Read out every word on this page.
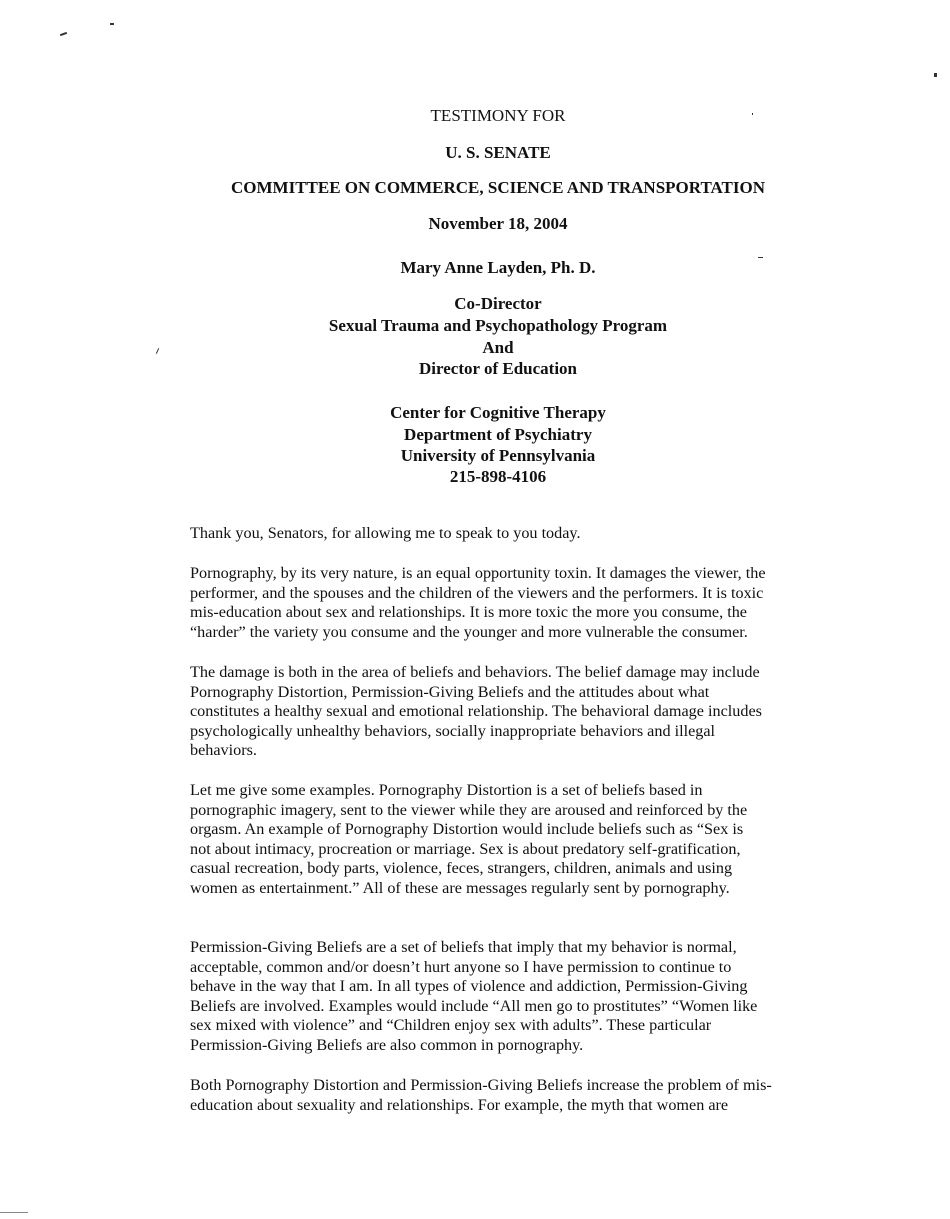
TESTIMONY FOR
U. S. SENATE
COMMITTEE ON COMMERCE, SCIENCE AND TRANSPORTATION
November 18, 2004
Mary Anne Layden, Ph. D.
Co-Director
Sexual Trauma and Psychopathology Program
And
Director of Education
Center for Cognitive Therapy
Department of Psychiatry
University of Pennsylvania
215-898-4106
Thank you, Senators, for allowing me to speak to you today.
Pornography, by its very nature, is an equal opportunity toxin. It damages the viewer, the
performer, and the spouses and the children of the viewers and the performers. It is toxic
mis-education about sex and relationships. It is more toxic the more you consume, the
“harder” the variety you consume and the younger and more vulnerable the consumer.
The damage is both in the area of beliefs and behaviors. The belief damage may include
Pornography Distortion, Permission-Giving Beliefs and the attitudes about what
constitutes a healthy sexual and emotional relationship. The behavioral damage includes
psychologically unhealthy behaviors, socially inappropriate behaviors and illegal
behaviors.
Let me give some examples. Pornography Distortion is a set of beliefs based in
pornographic imagery, sent to the viewer while they are aroused and reinforced by the
orgasm. An example of Pornography Distortion would include beliefs such as “Sex is
not about intimacy, procreation or marriage. Sex is about predatory self-gratification,
casual recreation, body parts, violence, feces, strangers, children, animals and using
women as entertainment.” All of these are messages regularly sent by pornography.
Permission-Giving Beliefs are a set of beliefs that imply that my behavior is normal,
acceptable, common and/or doesn’t hurt anyone so I have permission to continue to
behave in the way that I am. In all types of violence and addiction, Permission-Giving
Beliefs are involved. Examples would include “All men go to prostitutes” “Women like
sex mixed with violence” and “Children enjoy sex with adults”. These particular
Permission-Giving Beliefs are also common in pornography.
Both Pornography Distortion and Permission-Giving Beliefs increase the problem of mis-
education about sexuality and relationships. For example, the myth that women are
